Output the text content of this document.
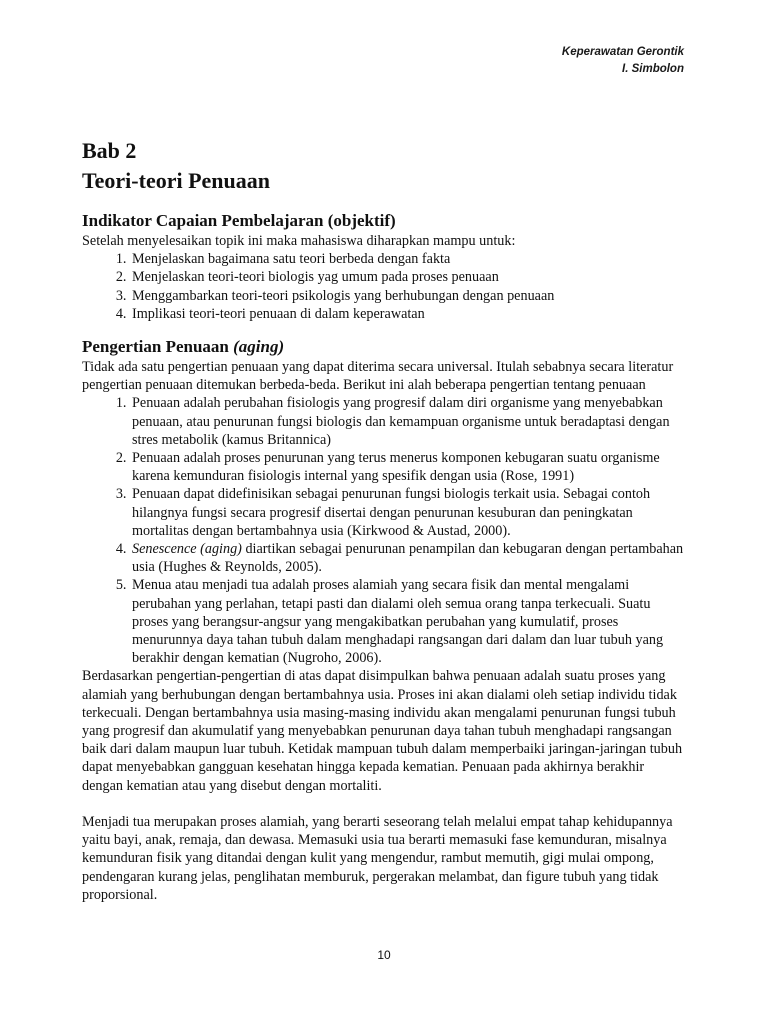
Keperawatan Gerontik
I. Simbolon
Bab 2
Teori-teori Penuaan
Indikator Capaian Pembelajaran (objektif)

Setelah menyelesaikan topik ini maka mahasiswa diharapkan mampu untuk:

1. Menjelaskan bagaimana satu teori berbeda dengan fakta
2. Menjelaskan teori-teori biologis yag umum pada proses penuaan
3. Menggambarkan teori-teori psikologis yang berhubungan dengan penuaan
4. Implikasi teori-teori penuaan di dalam keperawatan
Pengertian Penuaan (aging)

Tidak ada satu pengertian penuaan yang dapat diterima secara universal. Itulah sebabnya secara literatur pengertian penuaan ditemukan berbeda-beda. Berikut ini alah beberapa pengertian tentang penuaan

1. Penuaan adalah perubahan fisiologis yang progresif dalam diri organisme yang menyebabkan penuaan, atau penurunan fungsi biologis dan kemampuan organisme untuk beradaptasi dengan stres metabolik (kamus Britannica)
2. Penuaan adalah proses penurunan yang terus menerus komponen kebugaran suatu organisme karena kemunduran fisiologis internal yang spesifik dengan usia (Rose, 1991)
3. Penuaan dapat didefinisikan sebagai penurunan fungsi biologis terkait usia. Sebagai contoh hilangnya fungsi secara progresif disertai dengan penurunan kesuburan dan peningkatan mortalitas dengan bertambahnya usia (Kirkwood & Austad, 2000).
4. Senescence (aging) diartikan sebagai penurunan penampilan dan kebugaran dengan pertambahan usia (Hughes & Reynolds, 2005).
5. Menua atau menjadi tua adalah proses alamiah yang secara fisik dan mental mengalami perubahan yang perlahan, tetapi pasti dan dialami oleh semua orang tanpa terkecuali. Suatu proses yang berangsur-angsur yang mengakibatkan perubahan yang kumulatif, proses menurunnya daya tahan tubuh dalam menghadapi rangsangan dari dalam dan luar tubuh yang berakhir dengan kematian (Nugroho, 2006).

Berdasarkan pengertian-pengertian di atas dapat disimpulkan bahwa penuaan adalah suatu proses yang alamiah yang berhubungan dengan bertambahnya usia. Proses ini akan dialami oleh setiap individu tidak terkecuali. Dengan bertambahnya usia masing-masing individu akan mengalami penurunan fungsi tubuh yang progresif dan akumulatif yang menyebabkan penurunan daya tahan tubuh menghadapi rangsangan baik dari dalam maupun luar tubuh. Ketidak mampuan tubuh dalam memperbaiki jaringan-jaringan tubuh dapat menyebabkan gangguan kesehatan hingga kepada kematian. Penuaan pada akhirnya berakhir dengan kematian atau yang disebut dengan mortaliti.

Menjadi tua merupakan proses alamiah, yang berarti seseorang telah melalui empat tahap kehidupannya yaitu bayi, anak, remaja, dan dewasa. Memasuki usia tua berarti memasuki fase kemunduran, misalnya kemunduran fisik yang ditandai dengan kulit yang mengendur, rambut memutih, gigi mulai ompong, pendengaran kurang jelas, penglihatan memburuk, pergerakan melambat, dan figure tubuh yang tidak proporsional.

10
